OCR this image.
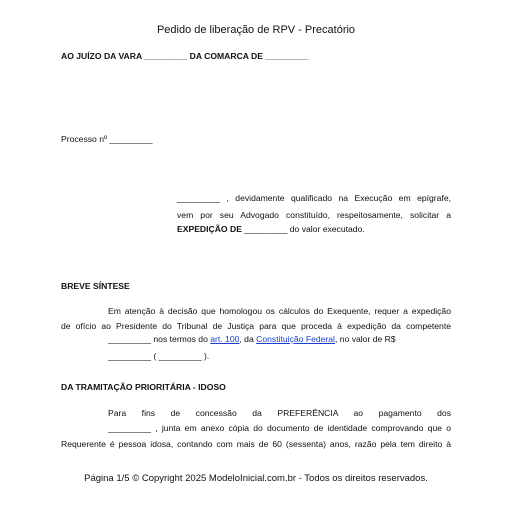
Pedido de liberação de RPV - Precatório
AO JUÍZO DA VARA _________ DA COMARCA DE _________
Processo nº _________
_________ , devidamente qualificado na Execução em epígrafe,
vem por seu Advogado constituído, respeitosamente, solicitar a
EXPEDIÇÃO DE _________ do valor executado.
BREVE SÍNTESE
Em atenção à decisão que homologou os cálculos do Exequente, requer a expedição
de ofício ao Presidente do Tribunal de Justiça para que proceda à expedição da competente
_________ nos termos do art. 100, da Constituição Federal, no valor de R$
_________ ( _________ ).
DA TRAMITAÇÃO PRIORITÁRIA - IDOSO
Para fins de concessão da PREFERÊNCIA ao pagamento dos
_________ , junta em anexo cópia do documento de identidade comprovando que o
Requerente é pessoa idosa, contando com mais de 60 (sessenta) anos, razão pela tem direito à
Página 1/5 © Copyright 2025 ModeloInicial.com.br - Todos os direitos reservados.
